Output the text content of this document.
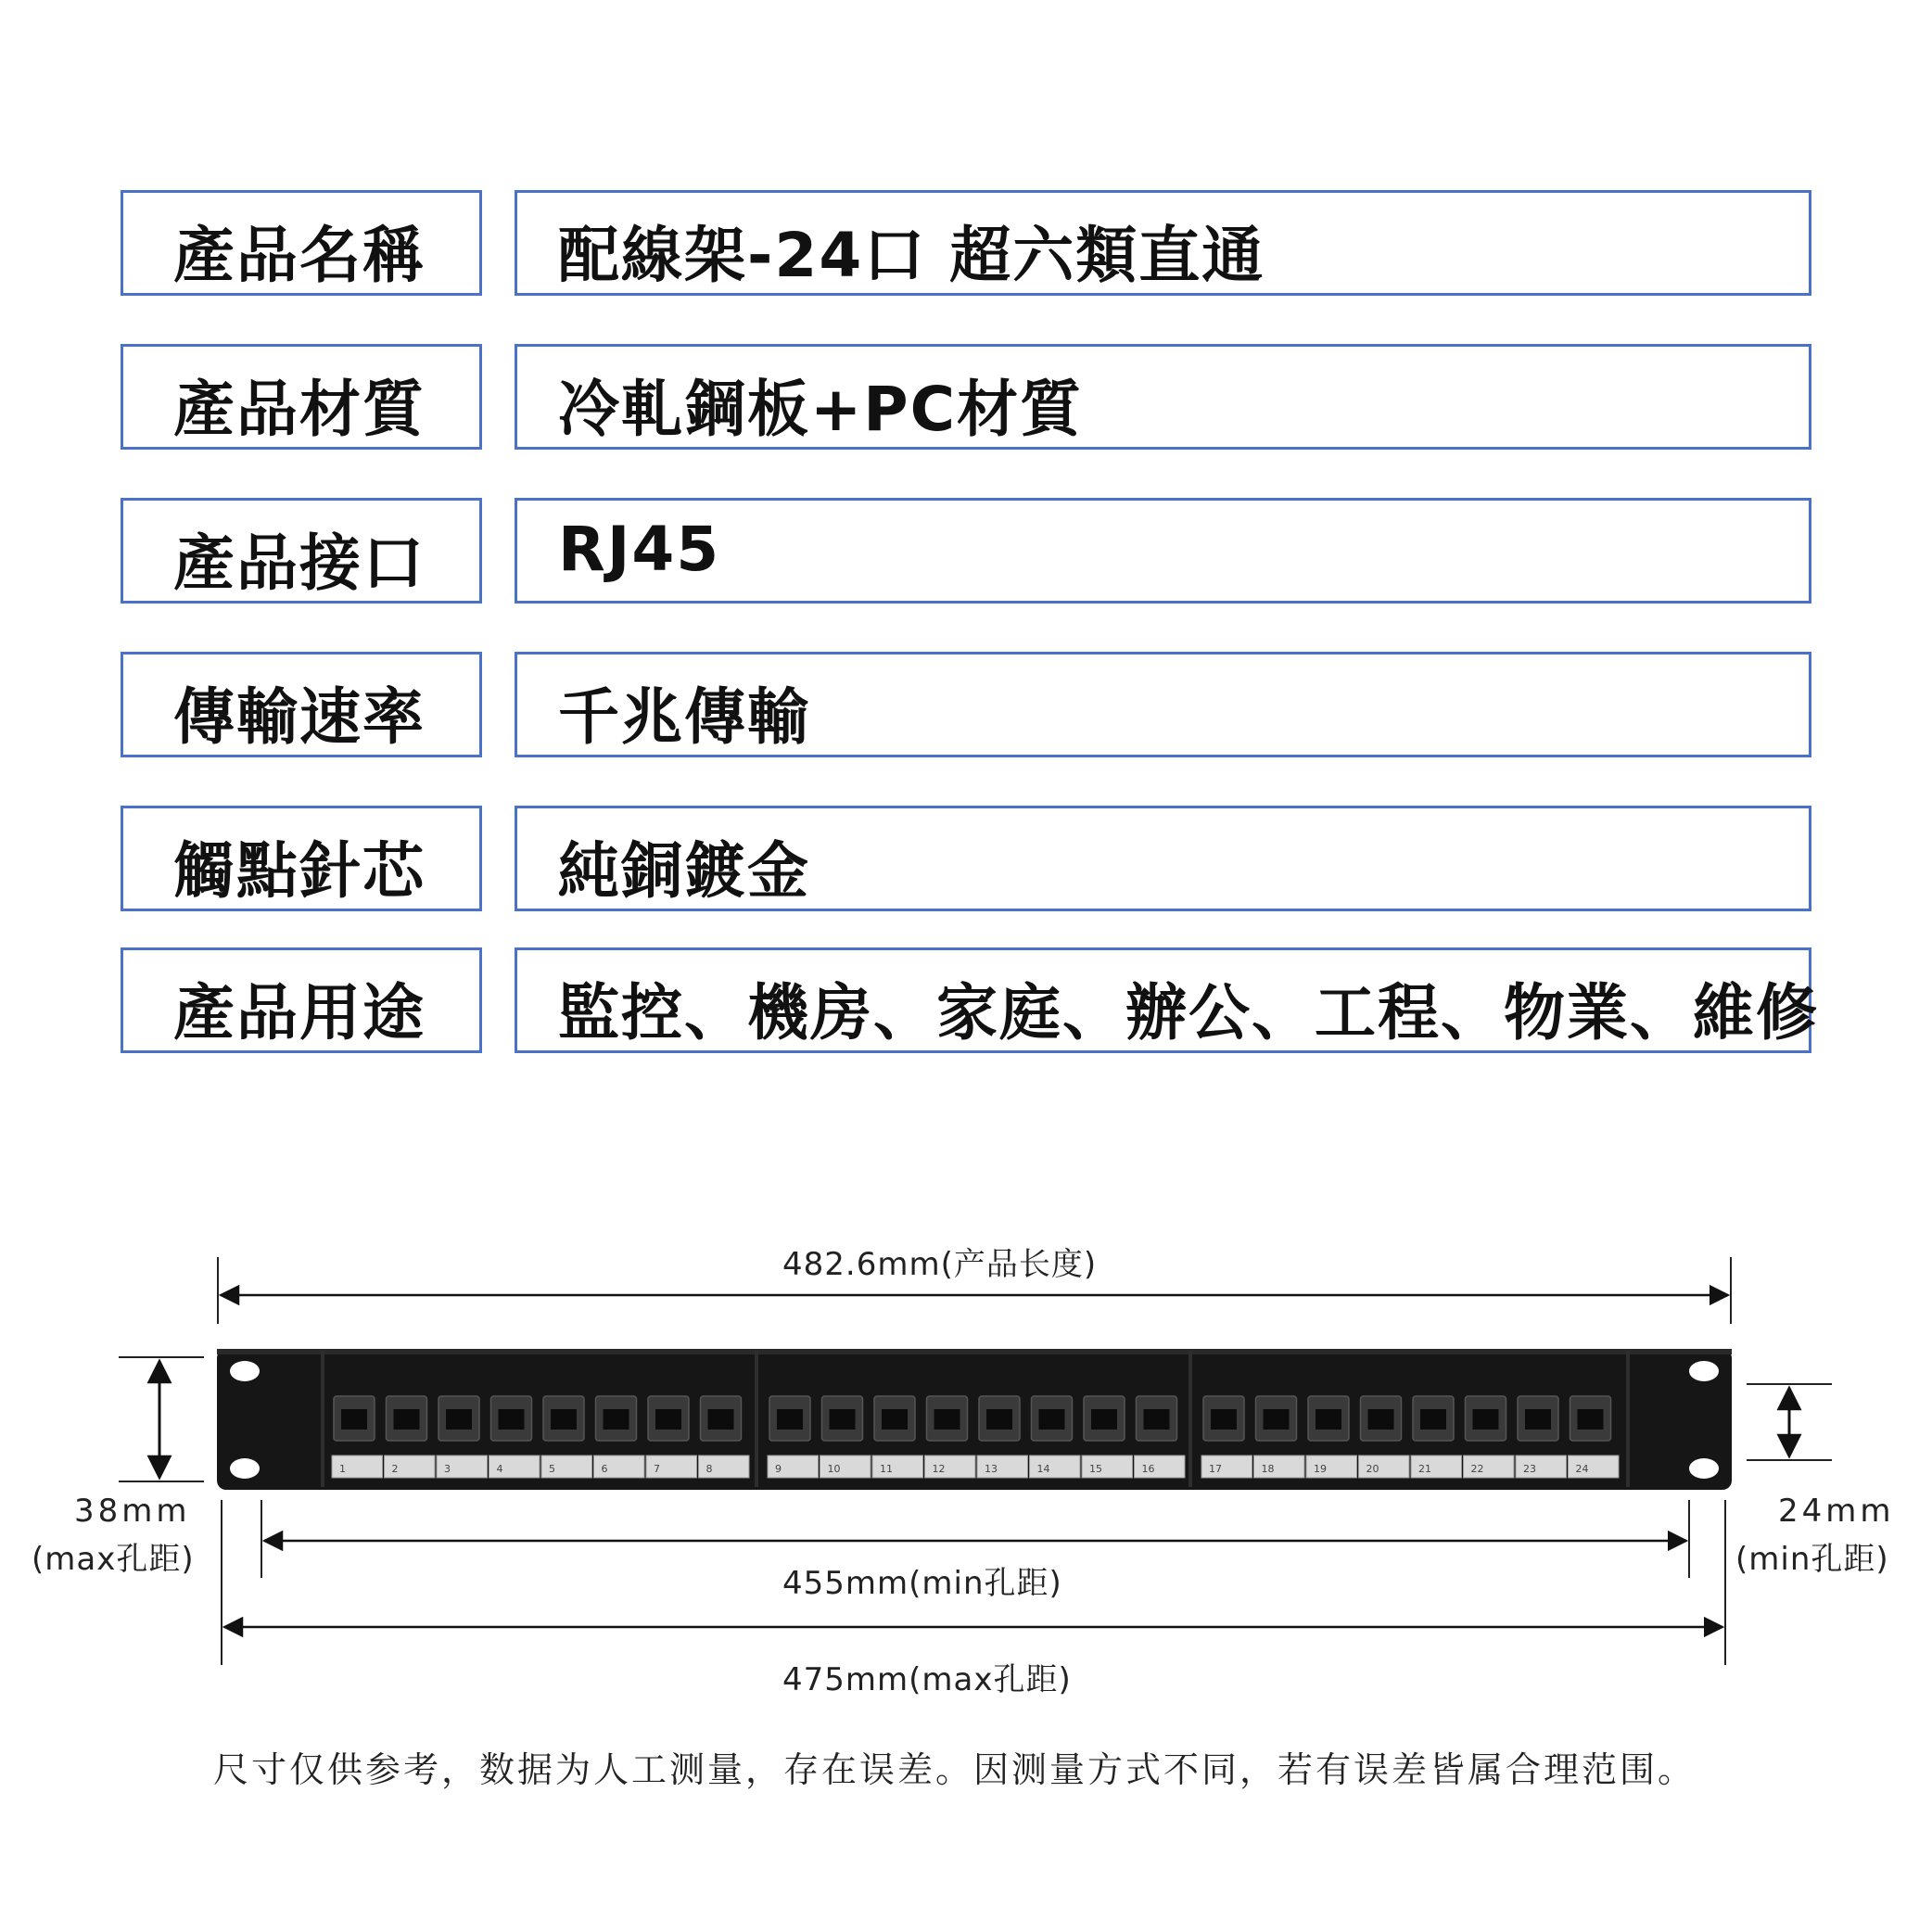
產品名稱 配線架-24口 超六類直通
產品材質 冷軋鋼板+PC材質
產品接口 RJ45
傳輸速率 千兆傳輸
觸點針芯 純銅鍍金
產品用途 監控、機房、家庭、辦公、工程、物業、維修
1	2	3	4	5	6	7	8	9	10	11	12	13	14	15	16	17	18	19	20	21	22	23	24
482.6mm(产品长度)
38mm
(max孔距)
24mm
(min孔距)
455mm(min孔距)
475mm(max孔距)
尺寸仅供参考，数据为人工测量，存在误差。因测量方式不同，若有误差皆属合理范围。
